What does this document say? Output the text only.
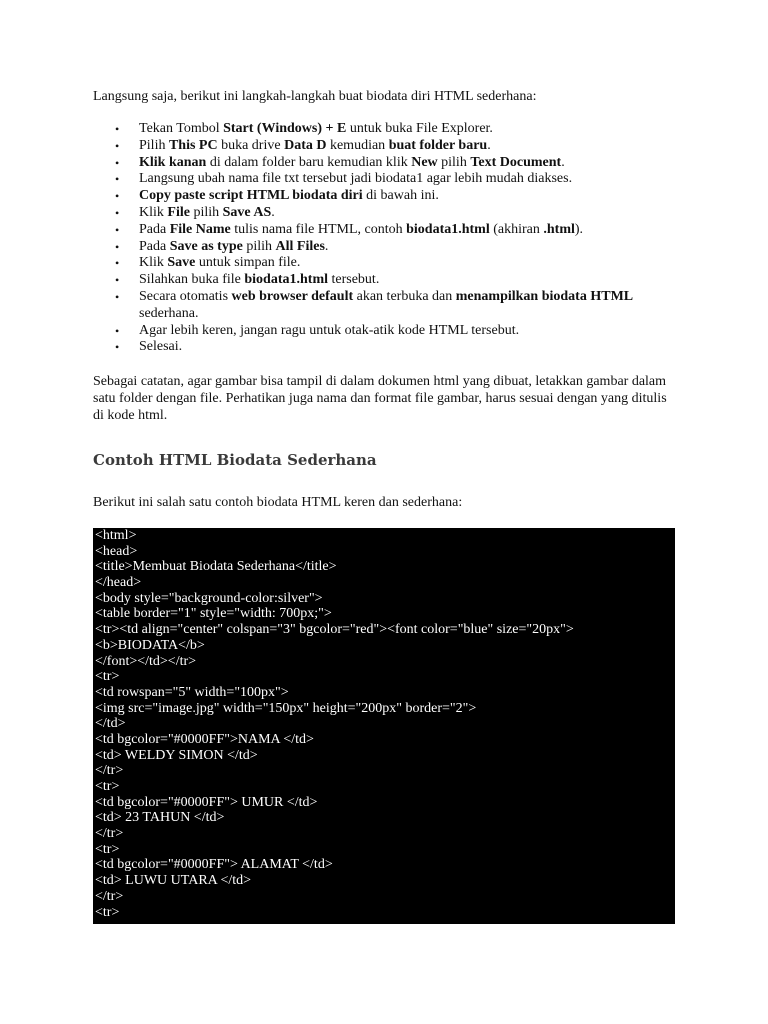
Langsung saja, berikut ini langkah-langkah buat biodata diri HTML sederhana:

• Tekan Tombol Start (Windows) + E untuk buka File Explorer.
• Pilih This PC buka drive Data D kemudian buat folder baru.
• Klik kanan di dalam folder baru kemudian klik New pilih Text Document.
• Langsung ubah nama file txt tersebut jadi biodata1 agar lebih mudah diakses.
• Copy paste script HTML biodata diri di bawah ini.
• Klik File pilih Save AS.
• Pada File Name tulis nama file HTML, contoh biodata1.html (akhiran .html).
• Pada Save as type pilih All Files.
• Klik Save untuk simpan file.
• Silahkan buka file biodata1.html tersebut.
• Secara otomatis web browser default akan terbuka dan menampilkan biodata HTML sederhana.
• Agar lebih keren, jangan ragu untuk otak-atik kode HTML tersebut.
• Selesai.

Sebagai catatan, agar gambar bisa tampil di dalam dokumen html yang dibuat, letakkan gambar dalam satu folder dengan file. Perhatikan juga nama dan format file gambar, harus sesuai dengan yang ditulis di kode html.

Contoh HTML Biodata Sederhana

Berikut ini salah satu contoh biodata HTML keren dan sederhana:

<html>
<head>
<title>Membuat Biodata Sederhana</title>
</head>
<body style="background-color:silver">
<table border="1" style="width: 700px;">
<tr><td align="center" colspan="3" bgcolor="red"><font color="blue" size="20px">
<b>BIODATA</b>
</font></td></tr>
<tr>
<td rowspan="5" width="100px">
<img src="image.jpg" width="150px" height="200px" border="2">
</td>
<td bgcolor="#0000FF">NAMA </td>
<td> WELDY SIMON </td>
</tr>
<tr>
<td bgcolor="#0000FF"> UMUR </td>
<td> 23 TAHUN </td>
</tr>
<tr>
<td bgcolor="#0000FF"> ALAMAT </td>
<td> LUWU UTARA </td>
</tr>
<tr>
